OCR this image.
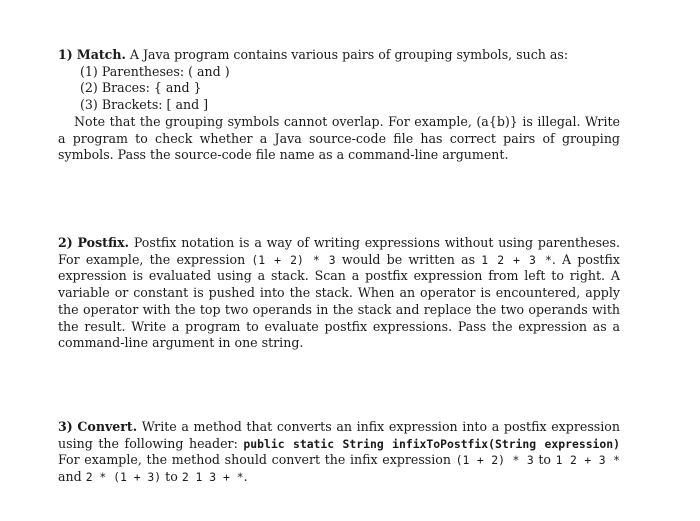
1) Match. A Java program contains various pairs of grouping symbols, such as:

(1) Parentheses: ( and )
(2) Braces: { and }
(3) Brackets: [ and ]

Note that the grouping symbols cannot overlap. For example, (a{b)} is illegal. Write a program to check whether a Java source-code file has correct pairs of grouping symbols. Pass the source-code file name as a command-line argument.

2) Postfix. Postfix notation is a way of writing expressions without using parentheses. For example, the expression (1 + 2) * 3 would be written as 1 2 + 3 *. A postfix expression is evaluated using a stack. Scan a postfix expression from left to right. A variable or constant is pushed into the stack. When an operator is encountered, apply the operator with the top two operands in the stack and replace the two operands with the result. Write a program to evaluate postfix expressions. Pass the expression as a command-line argument in one string.

3) Convert. Write a method that converts an infix expression into a postfix expression using the following header: public static String infixToPostfix(String expression) For example, the method should convert the infix expression (1 + 2) * 3 to 1 2 + 3 * and 2 * (1 + 3) to 2 1 3 + *.
